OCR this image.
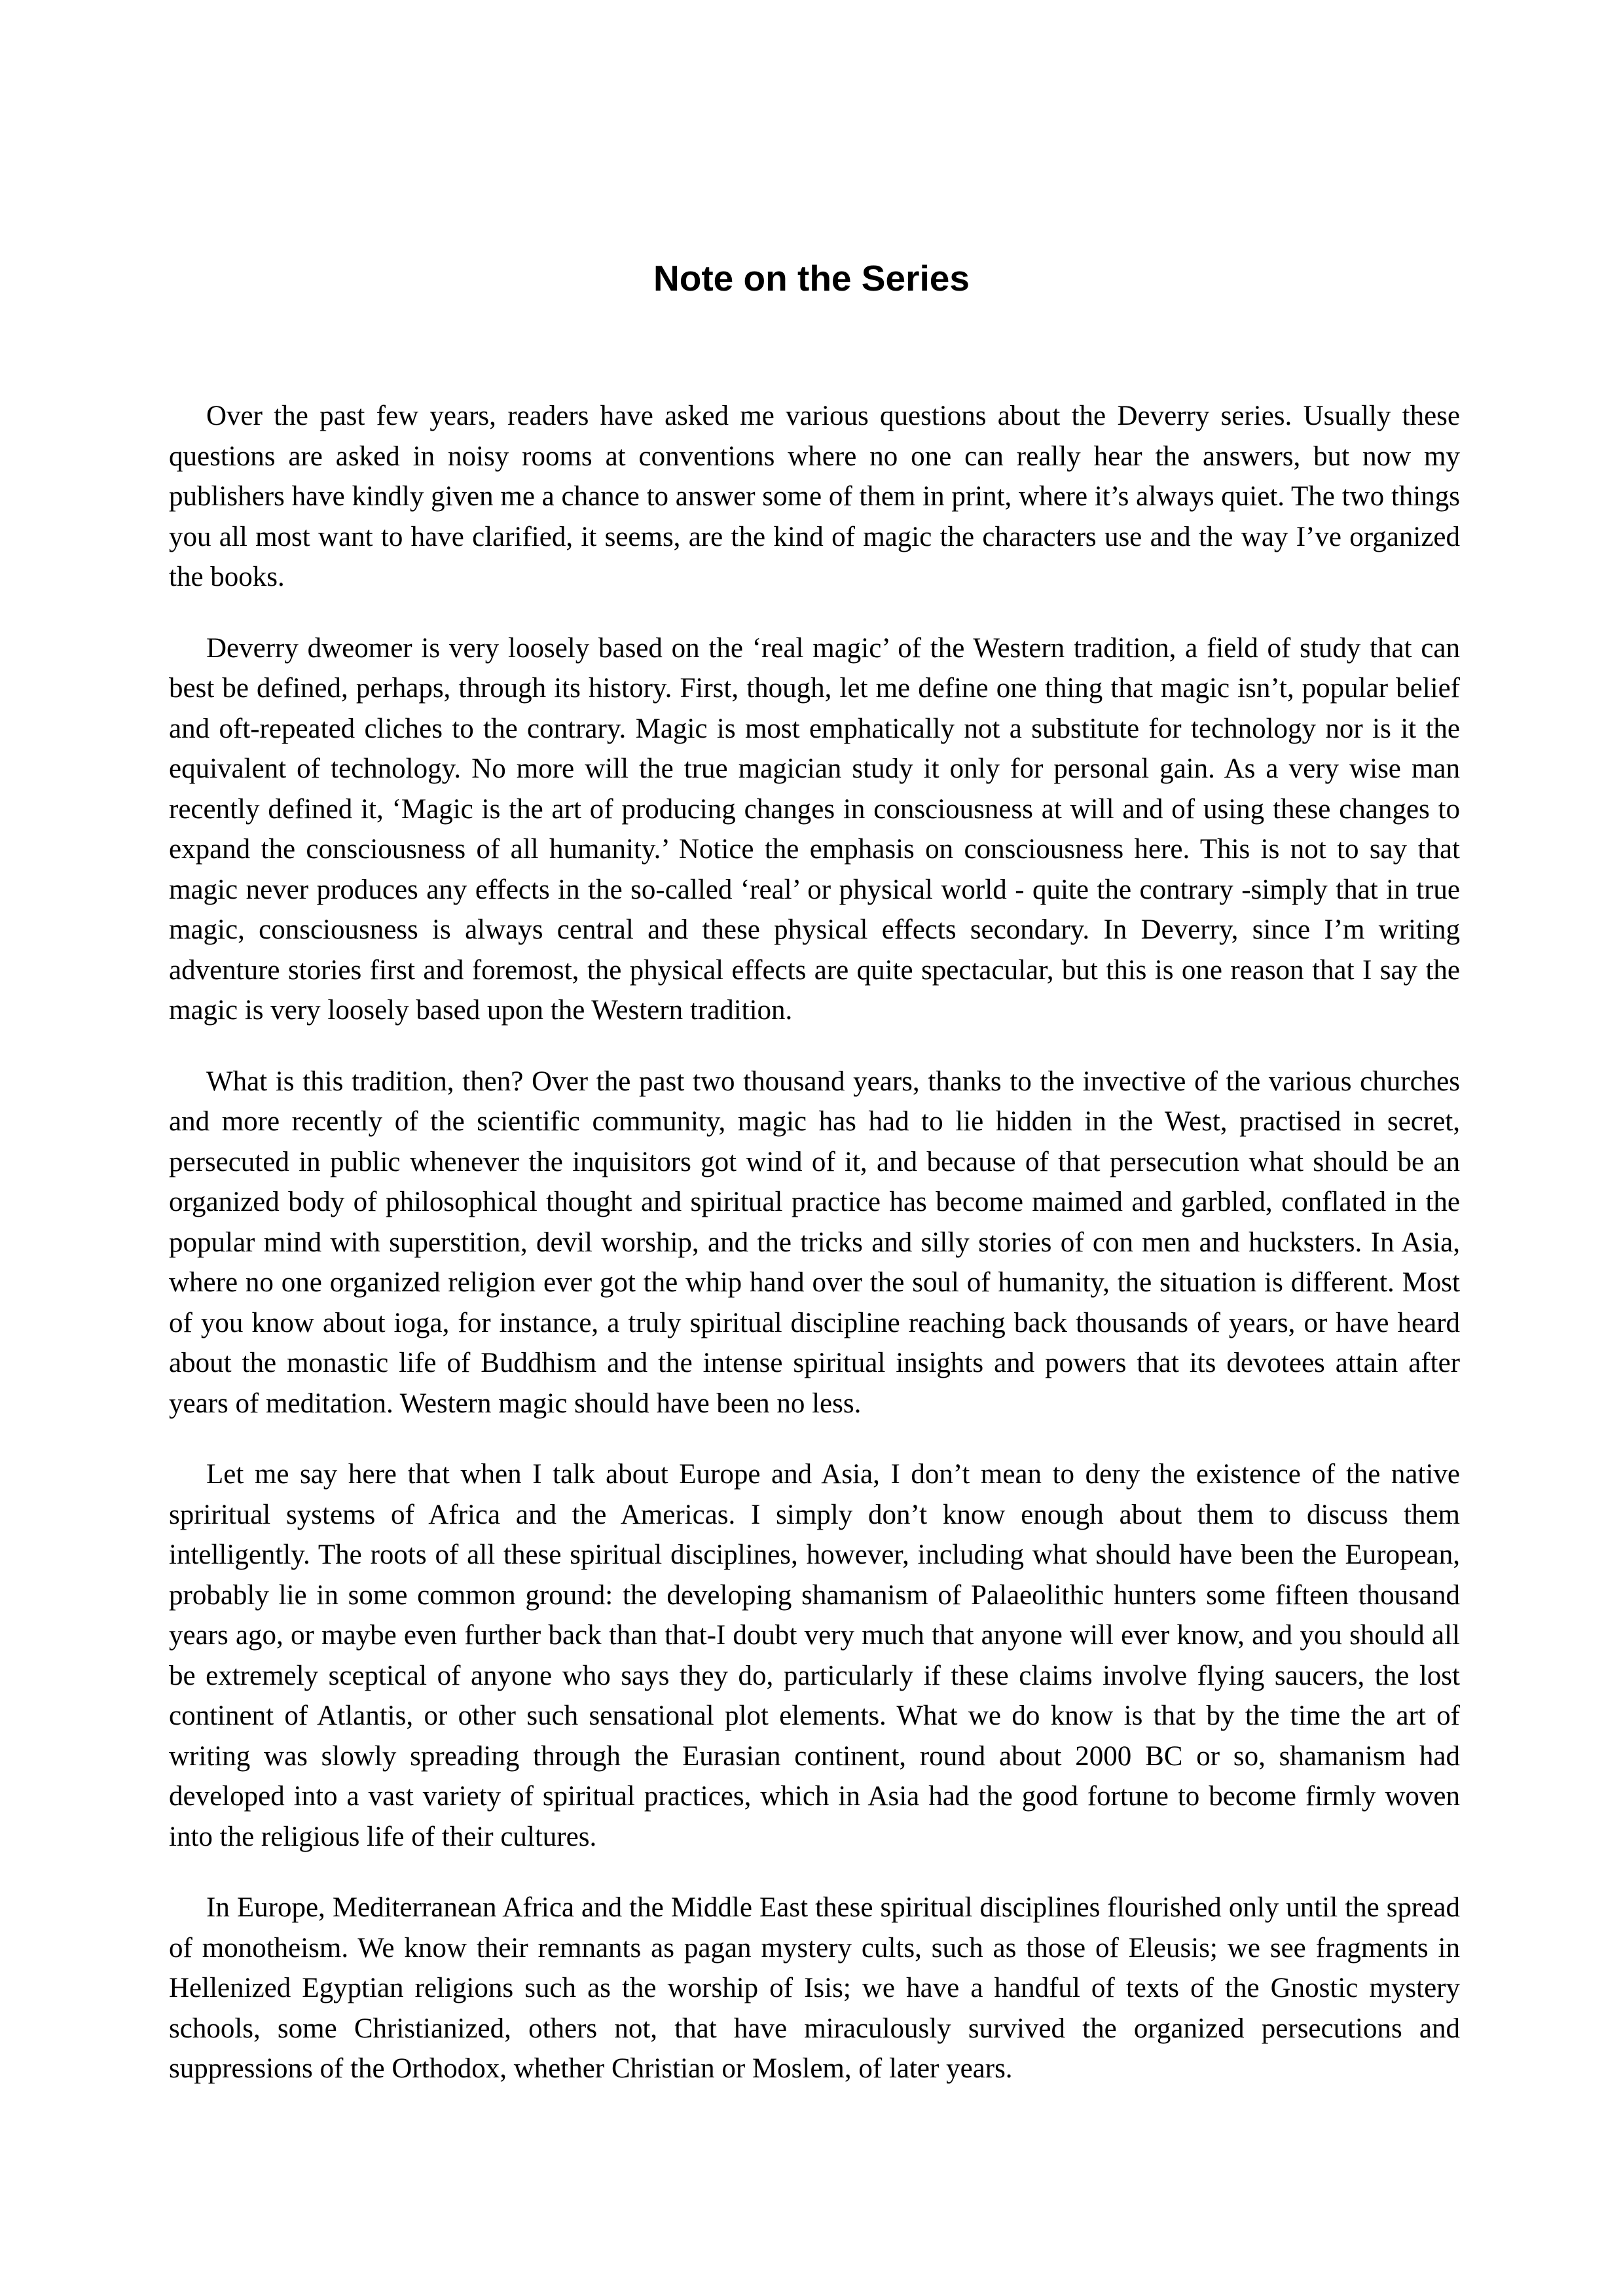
Note on the Series

Over the past few years, readers have asked me various questions about the Deverry series. Usually these questions are asked in noisy rooms at conventions where no one can really hear the answers, but now my publishers have kindly given me a chance to answer some of them in print, where it’s always quiet. The two things you all most want to have clarified, it seems, are the kind of magic the characters use and the way I’ve organized the books.

Deverry dweomer is very loosely based on the ‘real magic’ of the Western tradition, a field of study that can best be defined, perhaps, through its history. First, though, let me define one thing that magic isn’t, popular belief and oft-repeated cliches to the contrary. Magic is most emphatically not a substitute for technology nor is it the equivalent of technology. No more will the true magician study it only for personal gain. As a very wise man recently defined it, ‘Magic is the art of producing changes in consciousness at will and of using these changes to expand the consciousness of all humanity.’ Notice the emphasis on consciousness here. This is not to say that magic never produces any effects in the so-called ‘real’ or physical world - quite the contrary -simply that in true magic, consciousness is always central and these physical effects secondary. In Deverry, since I’m writing adventure stories first and foremost, the physical effects are quite spectacular, but this is one reason that I say the magic is very loosely based upon the Western tradition.

What is this tradition, then? Over the past two thousand years, thanks to the invective of the various churches and more recently of the scientific community, magic has had to lie hidden in the West, practised in secret, persecuted in public whenever the inquisitors got wind of it, and because of that persecution what should be an organized body of philosophical thought and spiritual practice has become maimed and garbled, conflated in the popular mind with superstition, devil worship, and the tricks and silly stories of con men and hucksters. In Asia, where no one organized religion ever got the whip hand over the soul of humanity, the situation is different. Most of you know about ioga, for instance, a truly spiritual discipline reaching back thousands of years, or have heard about the monastic life of Buddhism and the intense spiritual insights and powers that its devotees attain after years of meditation. Western magic should have been no less.

Let me say here that when I talk about Europe and Asia, I don’t mean to deny the existence of the native spriritual systems of Africa and the Americas. I simply don’t know enough about them to discuss them intelligently. The roots of all these spiritual disciplines, however, including what should have been the European, probably lie in some common ground: the developing shamanism of Palaeolithic hunters some fifteen thousand years ago, or maybe even further back than that-I doubt very much that anyone will ever know, and you should all be extremely sceptical of anyone who says they do, particularly if these claims involve flying saucers, the lost continent of Atlantis, or other such sensational plot elements. What we do know is that by the time the art of writing was slowly spreading through the Eurasian continent, round about 2000 BC or so, shamanism had developed into a vast variety of spiritual practices, which in Asia had the good fortune to become firmly woven into the religious life of their cultures.

In Europe, Mediterranean Africa and the Middle East these spiritual disciplines flourished only until the spread of monotheism. We know their remnants as pagan mystery cults, such as those of Eleusis; we see fragments in Hellenized Egyptian religions such as the worship of Isis; we have a handful of texts of the Gnostic mystery schools, some Christianized, others not, that have miraculously survived the organized persecutions and suppressions of the Orthodox, whether Christian or Moslem, of later years.
